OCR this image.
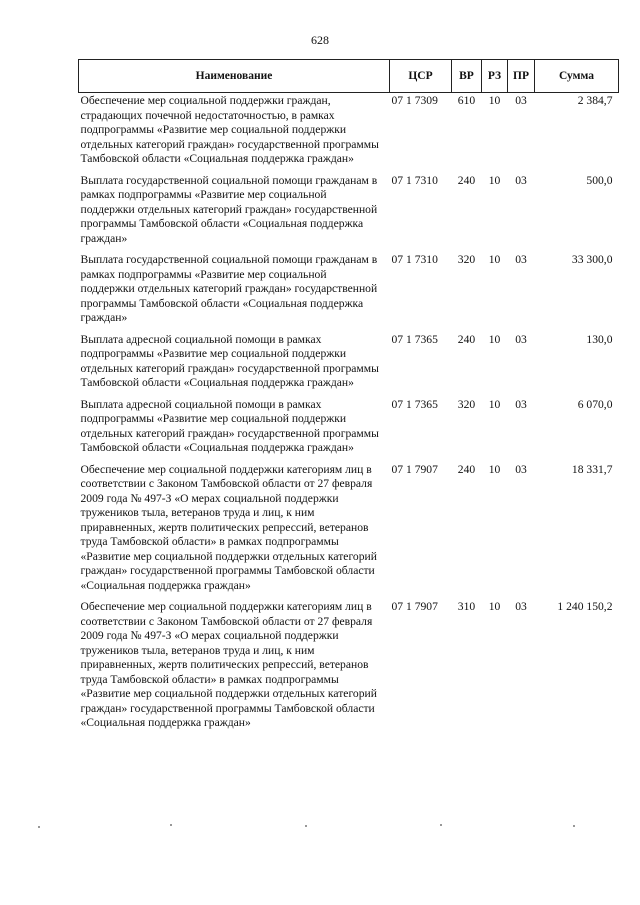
628
Наименование	ЦСР	ВР	РЗ	ПР	Сумма
Обеспечение мер социальной поддержки граждан, страдающих почечной недостаточностью, в рамках подпрограммы «Развитие мер социальной поддержки отдельных категорий граждан» государственной программы Тамбовской области «Социальная поддержка граждан»	07 1 7309	610	10	03	2 384,7
Выплата государственной социальной помощи гражданам в рамках подпрограммы «Развитие мер социальной поддержки отдельных категорий граждан» государственной программы Тамбовской области «Социальная поддержка граждан»	07 1 7310	240	10	03	500,0
Выплата государственной социальной помощи гражданам в рамках подпрограммы «Развитие мер социальной поддержки отдельных категорий граждан» государственной программы Тамбовской области «Социальная поддержка граждан»	07 1 7310	320	10	03	33 300,0
Выплата адресной социальной помощи в рамках подпрограммы «Развитие мер социальной поддержки отдельных категорий граждан» государственной программы Тамбовской области «Социальная поддержка граждан»	07 1 7365	240	10	03	130,0
Выплата адресной социальной помощи в рамках подпрограммы «Развитие мер социальной поддержки отдельных категорий граждан» государственной программы Тамбовской области «Социальная поддержка граждан»	07 1 7365	320	10	03	6 070,0
Обеспечение мер социальной поддержки категориям лиц в соответствии с Законом Тамбовской области от 27 февраля 2009 года № 497-З «О мерах социальной поддержки тружеников тыла, ветеранов труда и лиц, к ним приравненных, жертв политических репрессий, ветеранов труда Тамбовской области» в рамках подпрограммы «Развитие мер социальной поддержки отдельных категорий граждан» государственной программы Тамбовской области «Социальная поддержка граждан»	07 1 7907	240	10	03	18 331,7
Обеспечение мер социальной поддержки категориям лиц в соответствии с Законом Тамбовской области от 27 февраля 2009 года № 497-З «О мерах социальной поддержки тружеников тыла, ветеранов труда и лиц, к ним приравненных, жертв политических репрессий, ветеранов труда Тамбовской области» в рамках подпрограммы «Развитие мер социальной поддержки отдельных категорий граждан» государственной программы Тамбовской области «Социальная поддержка граждан»	07 1 7907	310	10	03	1 240 150,2
